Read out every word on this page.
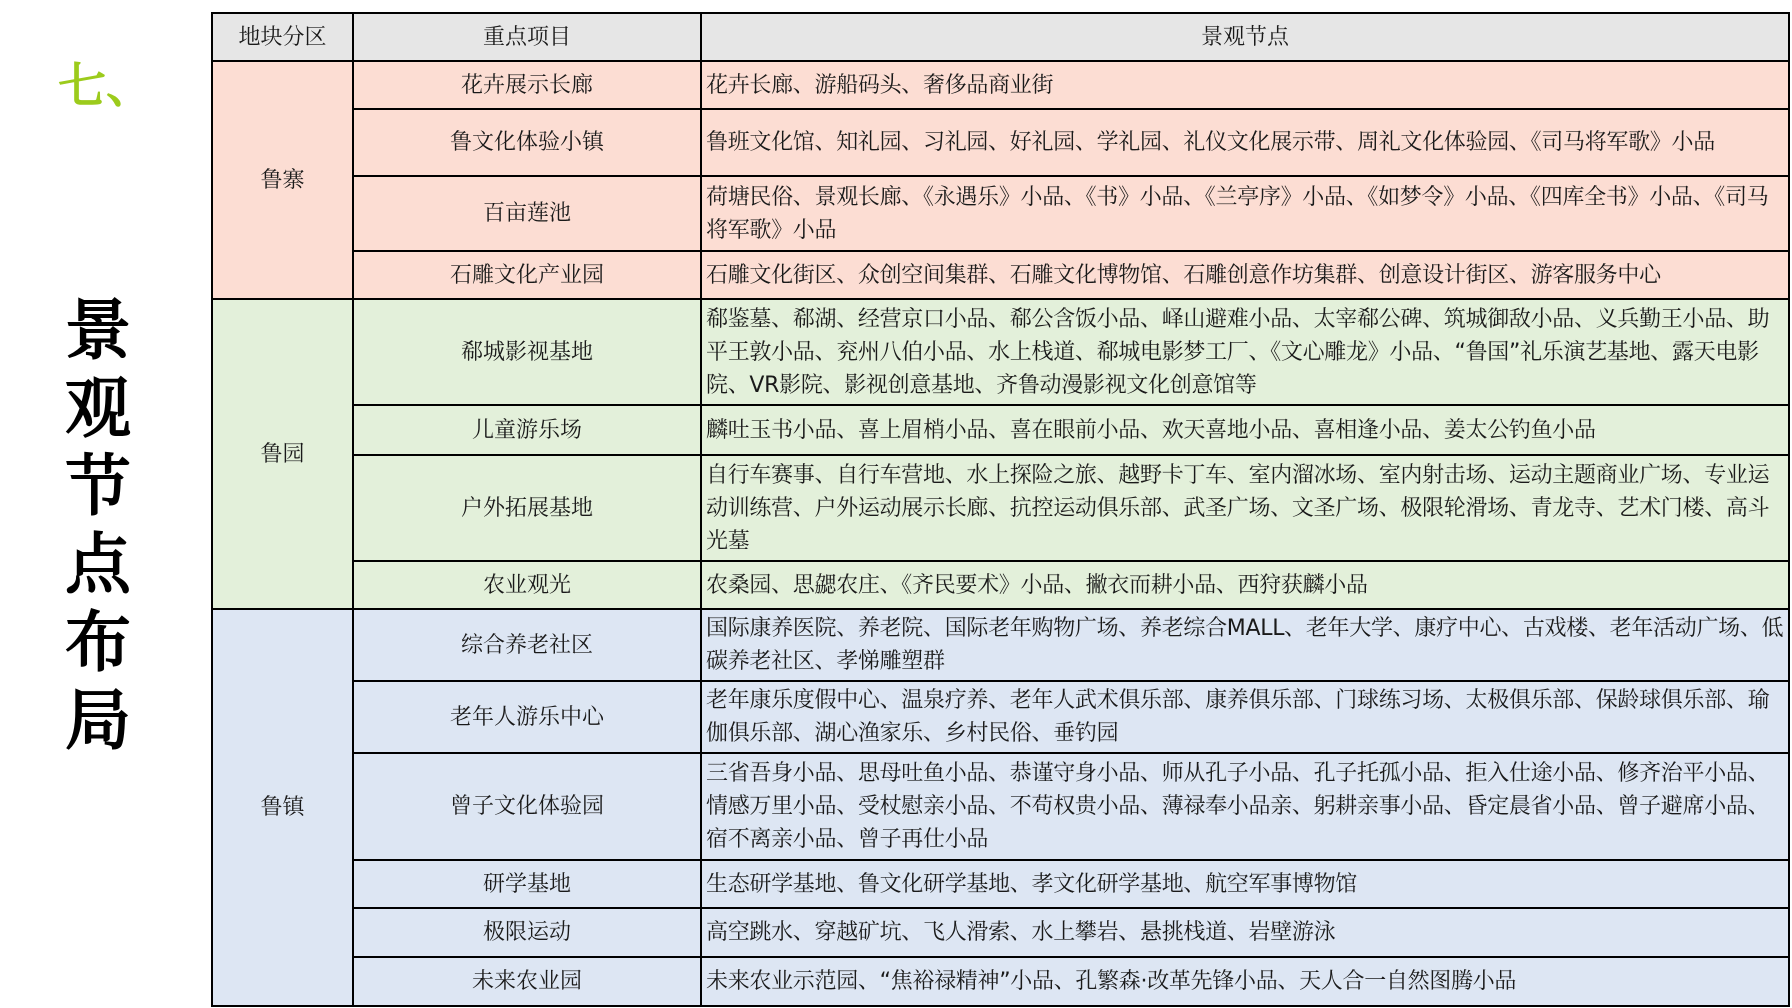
七、
景观节点布局
地块分区	重点项目	景观节点
鲁寨	花卉展示长廊	花卉长廊、游船码头、奢侈品商业街
	鲁文化体验小镇	鲁班文化馆、知礼园、习礼园、好礼园、学礼园、礼仪文化展示带、周礼文化体验园、《司马将军歌》小品
	百亩莲池	荷塘民俗、景观长廊、《永遇乐》小品、《书》小品、《兰亭序》小品、《如梦令》小品、《四库全书》小品、《司马将军歌》小品
	石雕文化产业园	石雕文化街区、众创空间集群、石雕文化博物馆、石雕创意作坊集群、创意设计街区、游客服务中心
鲁园	郗城影视基地	郗鉴墓、郗湖、经营京口小品、郗公含饭小品、峄山避难小品、太宰郗公碑、筑城御敌小品、义兵勤王小品、助平王敦小品、兖州八伯小品、水上栈道、郗城电影梦工厂、《文心雕龙》小品、“鲁国”礼乐演艺基地、露天电影院、VR影院、影视创意基地、齐鲁动漫影视文化创意馆等
	儿童游乐场	麟吐玉书小品、喜上眉梢小品、喜在眼前小品、欢天喜地小品、喜相逢小品、姜太公钓鱼小品
	户外拓展基地	自行车赛事、自行车营地、水上探险之旅、越野卡丁车、室内溜冰场、室内射击场、运动主题商业广场、专业运动训练营、户外运动展示长廊、抗控运动俱乐部、武圣广场、文圣广场、极限轮滑场、青龙寺、艺术门楼、高斗光墓
	农业观光	农桑园、思勰农庄、《齐民要术》小品、撇衣而耕小品、西狩获麟小品
鲁镇	综合养老社区	国际康养医院、养老院、国际老年购物广场、养老综合MALL、老年大学、康疗中心、古戏楼、老年活动广场、低碳养老社区、孝悌雕塑群
	老年人游乐中心	老年康乐度假中心、温泉疗养、老年人武术俱乐部、康养俱乐部、门球练习场、太极俱乐部、保龄球俱乐部、瑜伽俱乐部、湖心渔家乐、乡村民俗、垂钓园
	曾子文化体验园	三省吾身小品、思母吐鱼小品、恭谨守身小品、师从孔子小品、孔子托孤小品、拒入仕途小品、修齐治平小品、情感万里小品、受杖慰亲小品、不苟权贵小品、薄禄奉小品亲、躬耕亲事小品、昏定晨省小品、曾子避席小品、宿不离亲小品、曾子再仕小品
	研学基地	生态研学基地、鲁文化研学基地、孝文化研学基地、航空军事博物馆
	极限运动	高空跳水、穿越矿坑、飞人滑索、水上攀岩、悬挑栈道、岩壁游泳
	未来农业园	未来农业示范园、“焦裕禄精神”小品、孔繁森·改革先锋小品、天人合一自然图腾小品
